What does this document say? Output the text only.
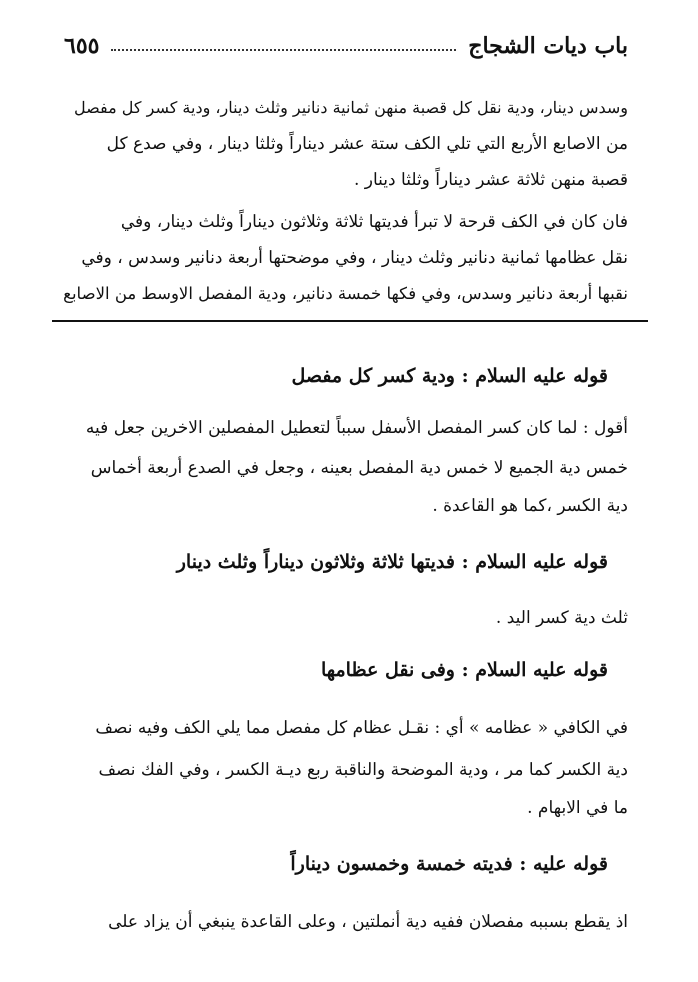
باب ديات الشجاج
٦٥٥
وسدس دينار، ودية نقل كل قصبة منهن ثمانية دنانير وثلث دينار، ودية كسر كل مفصل
من الاصابع الأربع التي تلي الكف ستة عشر ديناراً وثلثا دينار ، وفي صدع كل
قصبة منهن ثلاثة عشر ديناراً وثلثا دينار .
فان كان في الكف قرحة لا تبرأ فديتها ثلاثة وثلاثون ديناراً وثلث دينار، وفي
نقل عظامها ثمانية دنانير وثلث دينار ، وفي موضحتها أربعة دنانير وسدس ، وفي
نقبها أربعة دنانير وسدس، وفي فكها خمسة دنانير، ودية المفصل الاوسط من الاصابع
قوله عليه السلام : ودية كسر كل مفصل
أقول : لما كان كسر المفصل الأسفل سبباً لتعطيل المفصلين الاخرين جعل فيه
خمس دية الجميع لا خمس دية المفصل بعينه ، وجعل في الصدع أربعة أخماس
دية الكسر ،كما هو القاعدة .
قوله عليه السلام : فديتها ثلاثة وثلاثون ديناراً وثلث دينار
ثلث دية كسر اليد .
قوله عليه السلام : وفى نقل عظامها
في الكافي « عظامه » أي : نقـل عظام كل مفصل مما يلي الكف وفيه نصف
دية الكسر كما مر ، ودية الموضحة والناقبة ربع ديـة الكسر ، وفي الفك نصف
ما في الابهام .
قوله عليه : فديته خمسة وخمسون ديناراً
اذ يقطع بسببه مفصلان ففيه دية أنملتين ، وعلى القاعدة ينبغي أن يزاد على
